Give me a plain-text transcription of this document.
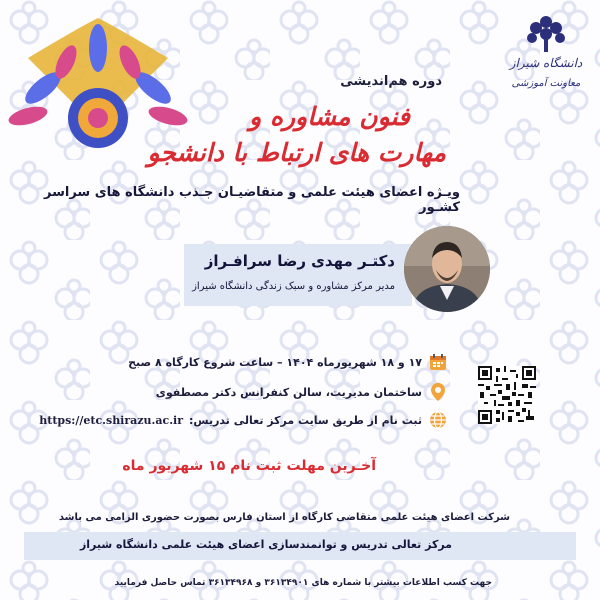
دانشگاه شیراز
معاونت آموزشی
دوره هم‌اندیشی
فنون مشاوره و
مهارت های ارتباط با دانشجو
ویـژه اعضای هیئت علمی و متقاضیـان جـذب دانشگاه های سراسر کشـور
دکتـر مهدی رضا سرافـراز
مدیر مرکز مشاوره و سبک زندگی دانشگاه شیراز
۱۷ و ۱۸ شهریورماه ۱۴۰۴ – ساعت شروع کارگاه ۸ صبح
ساختمان مدیریت، سالن کنفرانس دکتر مصطفوی
ثبت نام از طریق سایت مرکز تعالی تدریس:
https://etc.shirazu.ac.ir
آخـرین مهلت ثبت نام ۱۵ شهریور ماه
شرکت اعضای هیئت علمی متقاضی کارگاه از استان فارس بصورت حضوری الزامی می باشد
مرکز تعالی تدریس و توانمندسازی اعضای هیئت علمی دانشگاه شیراز
جهت کسب اطلاعات بیشتر با شماره های ۳۶۱۳۴۹۰۱ و ۳۶۱۳۴۹۶۸ تماس حاصل فرمایید
